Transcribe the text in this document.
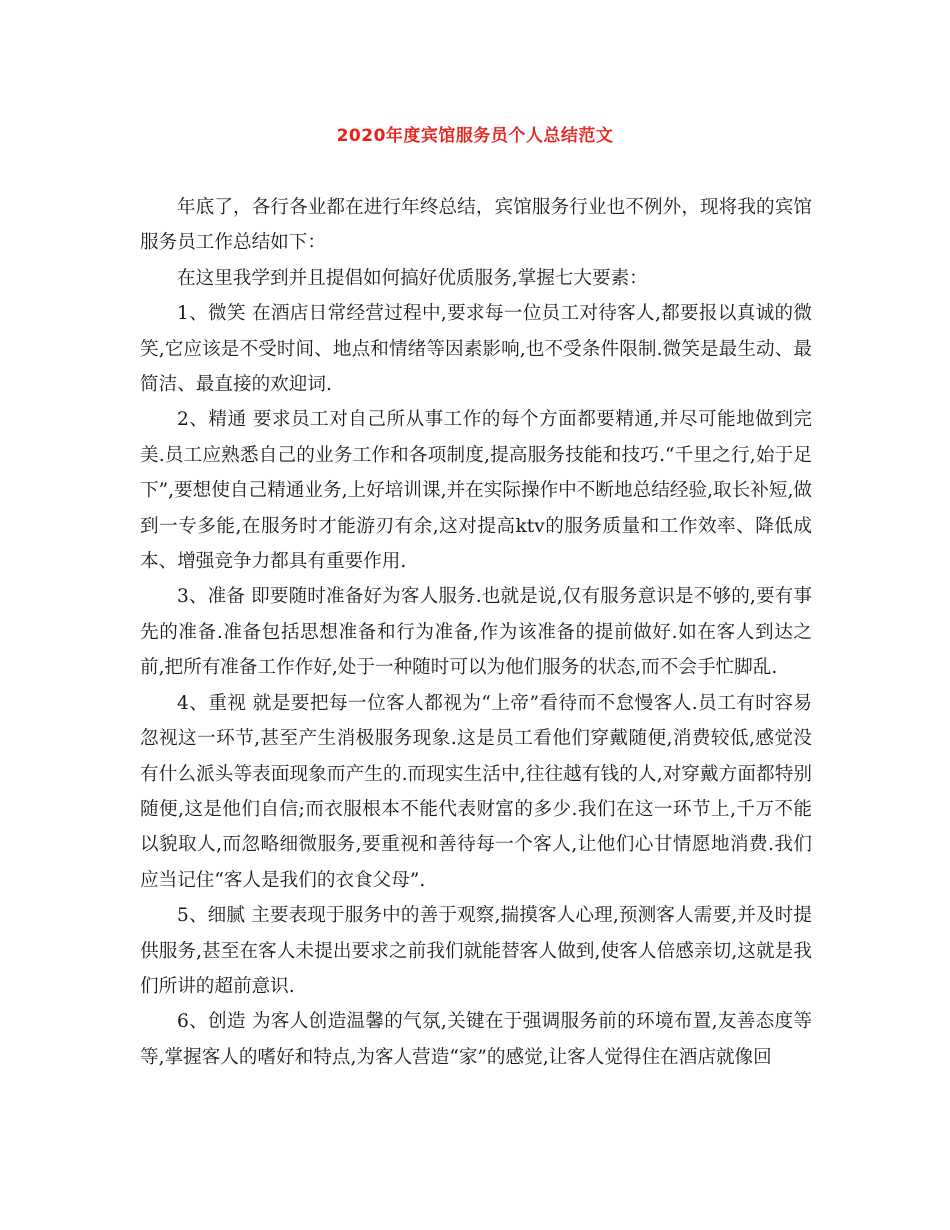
2020年度宾馆服务员个人总结范文

年底了，各行各业都在进行年终总结，宾馆服务行业也不例外，现将我的宾馆服务员工作总结如下：

在这里我学到并且提倡如何搞好优质服务,掌握七大要素：

1、微笑 在酒店日常经营过程中,要求每一位员工对待客人,都要报以真诚的微笑,它应该是不受时间、地点和情绪等因素影响,也不受条件限制.微笑是最生动、最简洁、最直接的欢迎词.

2、精通 要求员工对自己所从事工作的每个方面都要精通,并尽可能地做到完美.员工应熟悉自己的业务工作和各项制度,提高服务技能和技巧.“千里之行,始于足下”,要想使自己精通业务,上好培训课,并在实际操作中不断地总结经验,取长补短,做到一专多能,在服务时才能游刃有余,这对提高ktv的服务质量和工作效率、降低成本、增强竞争力都具有重要作用.

3、准备 即要随时准备好为客人服务.也就是说,仅有服务意识是不够的,要有事先的准备.准备包括思想准备和行为准备,作为该准备的提前做好.如在客人到达之前,把所有准备工作作好,处于一种随时可以为他们服务的状态,而不会手忙脚乱.

4、重视 就是要把每一位客人都视为“上帝”看待而不怠慢客人.员工有时容易忽视这一环节,甚至产生消极服务现象.这是员工看他们穿戴随便,消费较低,感觉没有什么派头等表面现象而产生的.而现实生活中,往往越有钱的人,对穿戴方面都特别随便,这是他们自信;而衣服根本不能代表财富的多少.我们在这一环节上,千万不能以貌取人,而忽略细微服务,要重视和善待每一个客人,让他们心甘情愿地消费.我们应当记住“客人是我们的衣食父母”.

5、细腻 主要表现于服务中的善于观察,揣摸客人心理,预测客人需要,并及时提供服务,甚至在客人未提出要求之前我们就能替客人做到,使客人倍感亲切,这就是我们所讲的超前意识.

6、创造 为客人创造温馨的气氛,关键在于强调服务前的环境布置,友善态度等等,掌握客人的嗜好和特点,为客人营造“家”的感觉,让客人觉得住在酒店就像回
